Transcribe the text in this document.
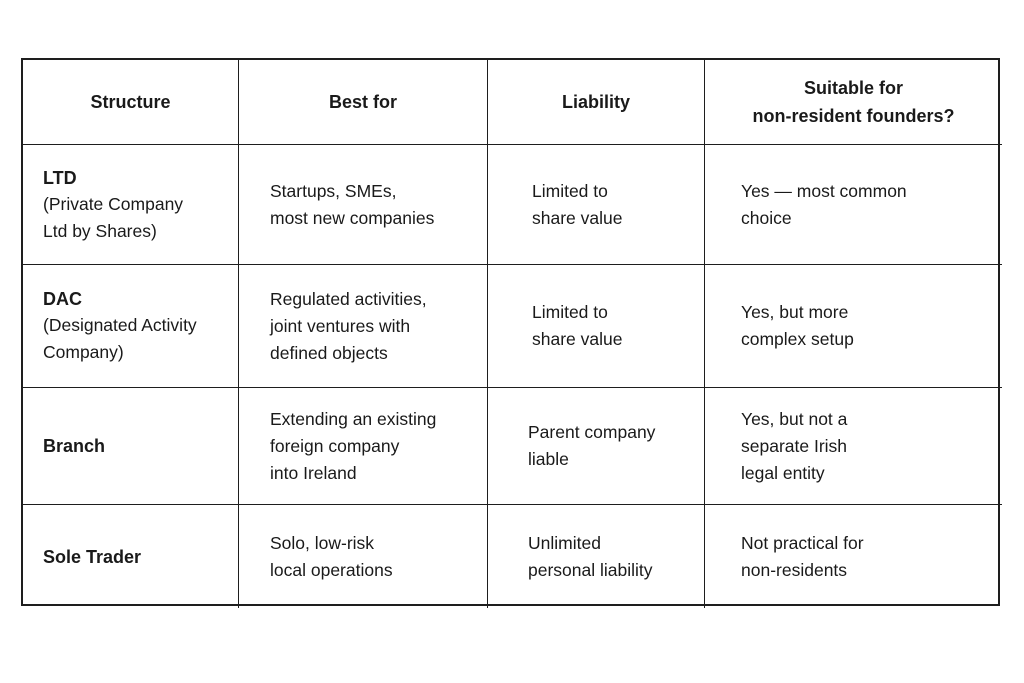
Structure	Best for	Liability
Suitable for
non-resident founders?
LTD
(Private Company
Ltd by Shares)
Startups, SMEs,
most new companies
Limited to
share value
Yes — most common
choice
DAC
(Designated Activity
Company)
Regulated activities,
joint ventures with
defined objects
Limited to
share value
Yes, but more
complex setup
Branch
Extending an existing
foreign company
into Ireland
Parent company
liable
Yes, but not a
separate Irish
legal entity
Sole Trader
Solo, low-risk
local operations
Unlimited
personal liability
Not practical for
non-residents
